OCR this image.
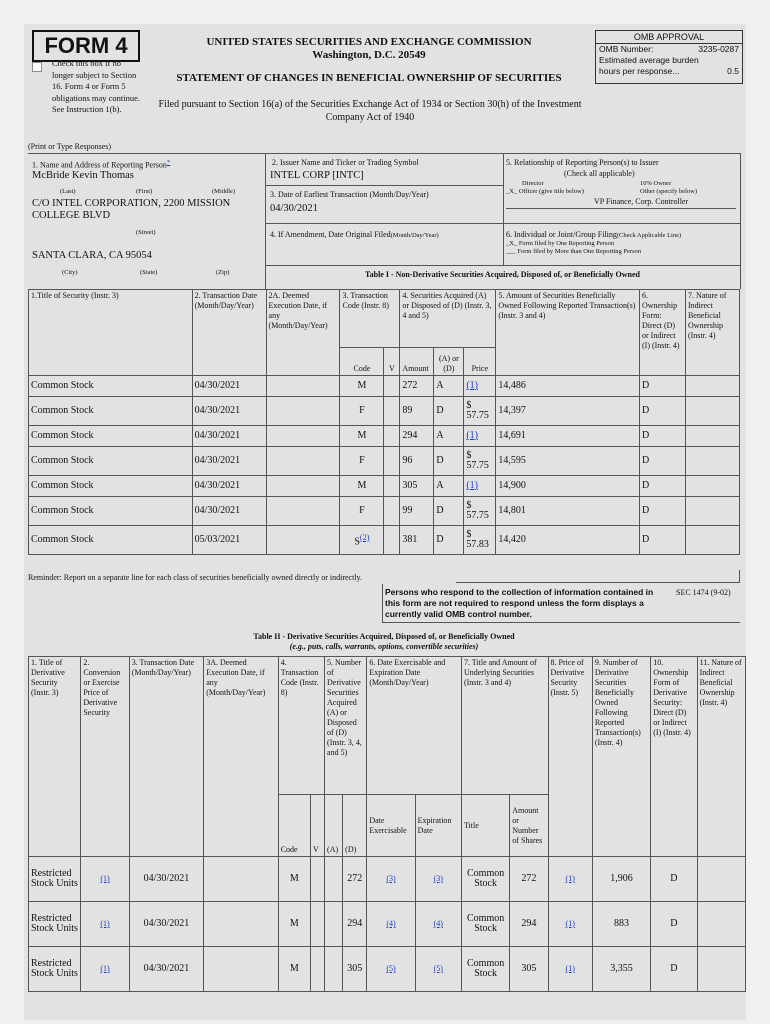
FORM 4
Check this box if no longer subject to Section 16. Form 4 or Form 5 obligations may continue. See Instruction 1(b).
UNITED STATES SECURITIES AND EXCHANGE COMMISSION
Washington, D.C. 20549
STATEMENT OF CHANGES IN BENEFICIAL OWNERSHIP OF SECURITIES
Filed pursuant to Section 16(a) of the Securities Exchange Act of 1934 or Section 30(h) of the Investment Company Act of 1940
OMB APPROVAL
OMB Number:	3235-0287
Estimated average burden
hours per response...	0.5
(Print or Type Responses)
1. Name and Address of Reporting Person*
McBride Kevin Thomas
(Last)	(First)	(Middle)
C/O INTEL CORPORATION, 2200 MISSION COLLEGE BLVD
(Street)
SANTA CLARA, CA 95054
(City)	(State)	(Zip)
2. Issuer Name and Ticker or Trading Symbol
INTEL CORP [INTC]
3. Date of Earliest Transaction (Month/Day/Year)
04/30/2021
4. If Amendment, Date Original Filed(Month/Day/Year)
5. Relationship of Reporting Person(s) to Issuer
(Check all applicable)
Director	10% Owner
_X_ Officer (give title below)	Other (specify below)
VP Finance, Corp. Controller
6. Individual or Joint/Group Filing(Check Applicable Line)
_X_ Form filed by One Reporting Person
___ Form filed by More than One Reporting Person
Table I - Non-Derivative Securities Acquired, Disposed of, or Beneficially Owned
1.Title of Security (Instr. 3)	2. Transaction Date (Month/Day/Year)	2A. Deemed Execution Date, if any (Month/Day/Year)	3. Transaction Code (Instr. 8)		4. Securities Acquired (A) or Disposed of (D) (Instr. 3, 4 and 5)			5. Amount of Securities Beneficially Owned Following Reported Transaction(s) (Instr. 3 and 4)	6. Ownership Form: Direct (D) or Indirect (I) (Instr. 4)	7. Nature of Indirect Beneficial Ownership (Instr. 4)
			Code	V	Amount	(A) or (D)	Price			
Common Stock	04/30/2021		M		272	A	(1)	14,486	D	
Common Stock	04/30/2021		F		89	D	$ 57.75	14,397	D	
Common Stock	04/30/2021		M		294	A	(1)	14,691	D	
Common Stock	04/30/2021		F		96	D	$ 57.75	14,595	D	
Common Stock	04/30/2021		M		305	A	(1)	14,900	D	
Common Stock	04/30/2021		F		99	D	$ 57.75	14,801	D	
Common Stock	05/03/2021		$S^{(2)}$		381	D	$ 57.83	14,420	D	
Reminder: Report on a separate line for each class of securities beneficially owned directly or indirectly.
Persons who respond to the collection of information contained in this form are not required to respond unless the form displays a currently valid OMB control number.
SEC 1474 (9-02)
Table II - Derivative Securities Acquired, Disposed of, or Beneficially Owned
(e.g., puts, calls, warrants, options, convertible securities)
1. Title of Derivative Security (Instr. 3)	2. Conversion or Exercise Price of Derivative Security	3. Transaction Date (Month/Day/Year)	3A. Deemed Execution Date, if any (Month/Day/Year)	4. Transaction Code (Instr. 8)		5. Number of Derivative Securities Acquired (A) or Disposed of (D) (Instr. 3, 4, and 5)		6. Date Exercisable and Expiration Date (Month/Day/Year)		7. Title and Amount of Underlying Securities (Instr. 3 and 4)		8. Price of Derivative Security (Instr. 5)	9. Number of Derivative Securities Beneficially Owned Following Reported Transaction(s) (Instr. 4)	10. Ownership Form of Derivative Security: Direct (D) or Indirect (I) (Instr. 4)	11. Nature of Indirect Beneficial Ownership (Instr. 4)
				Code	V	(A)	(D)	Date Exercisable	Expiration Date	Title	Amount or Number of Shares				
Restricted Stock Units	(1)	04/30/2021		M			272	(3)	(3)	Common Stock	272	(1)	1,906	D	
Restricted Stock Units	(1)	04/30/2021		M			294	(4)	(4)	Common Stock	294	(1)	883	D	
Restricted Stock Units	(1)	04/30/2021		M			305	(5)	(5)	Common Stock	305	(1)	3,355	D	
